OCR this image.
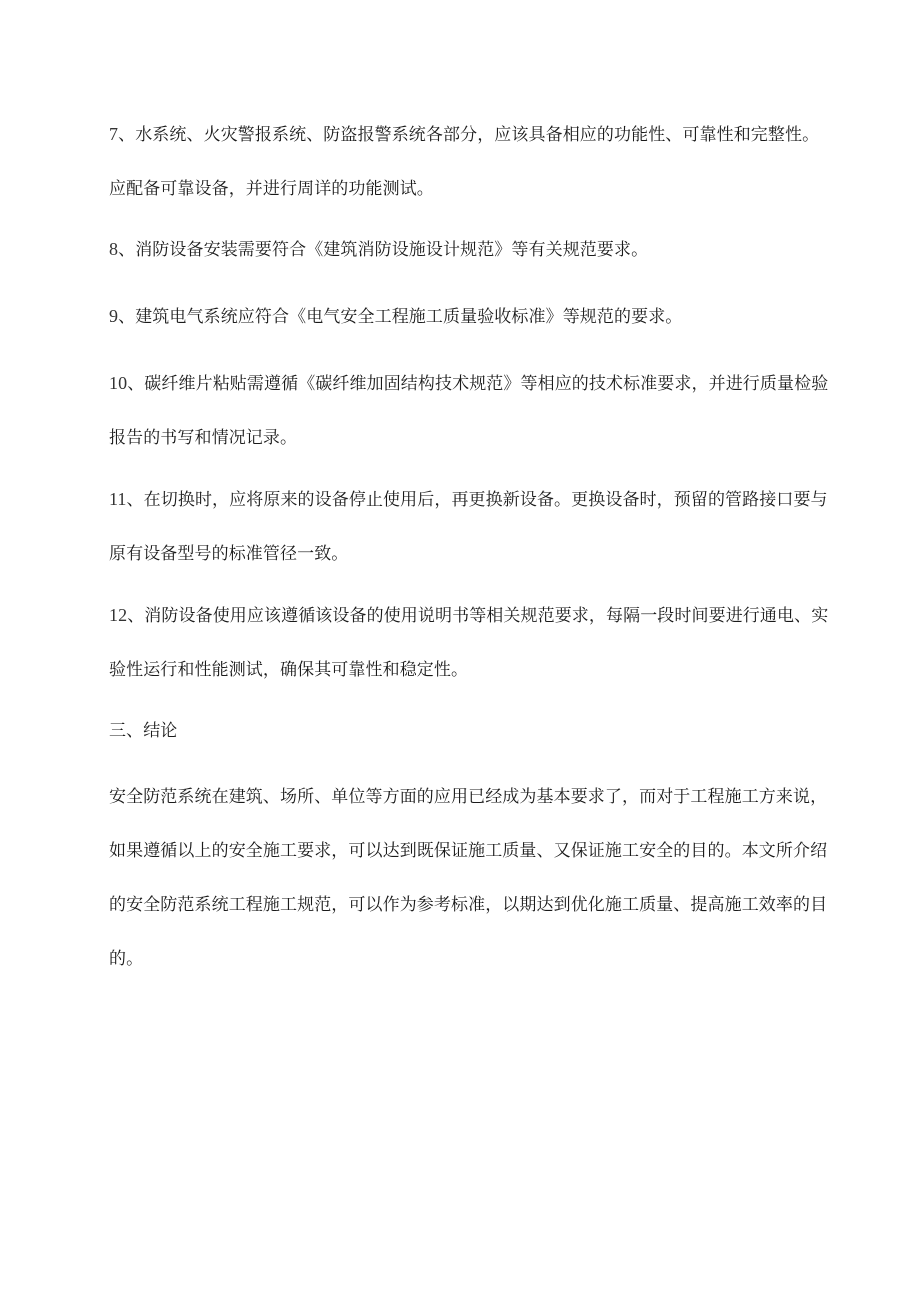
7、水系统、火灾警报系统、防盗报警系统各部分，应该具备相应的功能性、可靠性和完整性。应配备可靠设备，并进行周详的功能测试。

8、消防设备安装需要符合《建筑消防设施设计规范》等有关规范要求。

9、建筑电气系统应符合《电气安全工程施工质量验收标准》等规范的要求。

10、碳纤维片粘贴需遵循《碳纤维加固结构技术规范》等相应的技术标准要求，并进行质量检验报告的书写和情况记录。

11、在切换时，应将原来的设备停止使用后，再更换新设备。更换设备时，预留的管路接口要与原有设备型号的标准管径一致。

12、消防设备使用应该遵循该设备的使用说明书等相关规范要求，每隔一段时间要进行通电、实验性运行和性能测试，确保其可靠性和稳定性。

三、结论

安全防范系统在建筑、场所、单位等方面的应用已经成为基本要求了，而对于工程施工方来说，如果遵循以上的安全施工要求，可以达到既保证施工质量、又保证施工安全的目的。本文所介绍的安全防范系统工程施工规范，可以作为参考标准，以期达到优化施工质量、提高施工效率的目的。
